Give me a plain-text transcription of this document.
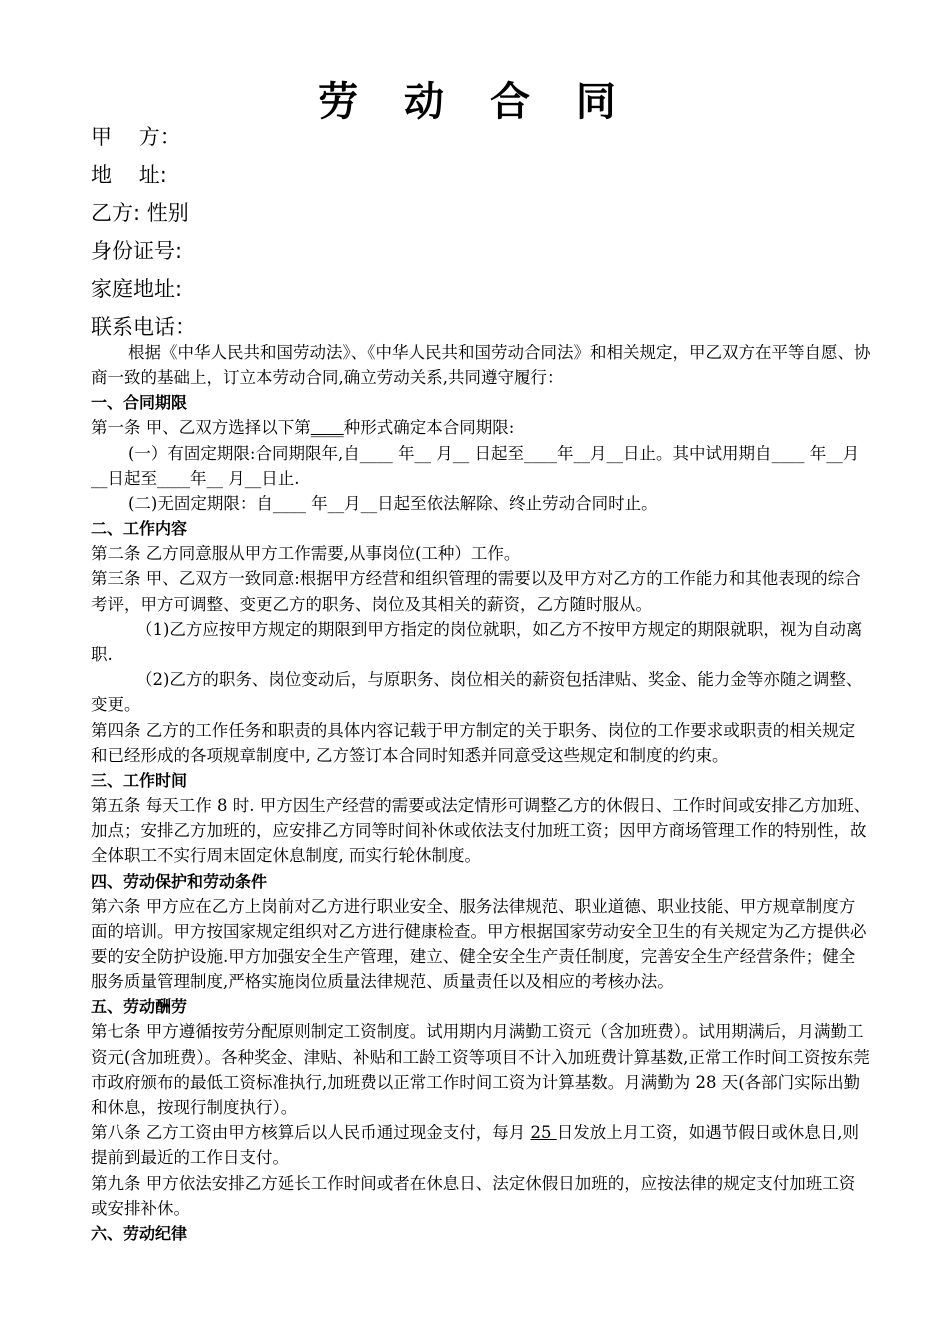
劳 动 合 同
甲    方：
地    址:
乙方: 性别
身份证号:
家庭地址:
联系电话：

根据《中华人民共和国劳动法》、《中华人民共和国劳动合同法》和相关规定，甲乙双方在平等自愿、协商一致的基础上，订立本劳动合同,确立劳动关系,共同遵守履行：

一、合同期限

第一条 甲、乙双方选择以下第____种形式确定本合同期限:

(一）有固定期限:合同期限年,自____ 年__ 月__ 日起至____年__月__日止。其中试用期自____ 年__月__日起至____年__ 月__日止.

(二)无固定期限：自____ 年__月__日起至依法解除、终止劳动合同时止。

二、工作内容

第二条 乙方同意服从甲方工作需要,从事岗位(工种）工作。

第三条 甲、乙双方一致同意:根据甲方经营和组织管理的需要以及甲方对乙方的工作能力和其他表现的综合考评，甲方可调整、变更乙方的职务、岗位及其相关的薪资，乙方随时服从。

（1)乙方应按甲方规定的期限到甲方指定的岗位就职，如乙方不按甲方规定的期限就职，视为自动离职.

（2)乙方的职务、岗位变动后，与原职务、岗位相关的薪资包括津贴、奖金、能力金等亦随之调整、变更。

第四条 乙方的工作任务和职责的具体内容记载于甲方制定的关于职务、岗位的工作要求或职责的相关规定和已经形成的各项规章制度中, 乙方签订本合同时知悉并同意受这些规定和制度的约束。

三、工作时间

第五条 每天工作 8 时. 甲方因生产经营的需要或法定情形可调整乙方的休假日、工作时间或安排乙方加班、加点；安排乙方加班的，应安排乙方同等时间补休或依法支付加班工资；因甲方商场管理工作的特别性，故全体职工不实行周末固定休息制度, 而实行轮休制度。

四、劳动保护和劳动条件

第六条 甲方应在乙方上岗前对乙方进行职业安全、服务法律规范、职业道德、职业技能、甲方规章制度方面的培训。甲方按国家规定组织对乙方进行健康检查。甲方根据国家劳动安全卫生的有关规定为乙方提供必要的安全防护设施.甲方加强安全生产管理，建立、健全安全生产责任制度，完善安全生产经营条件；健全服务质量管理制度,严格实施岗位质量法律规范、质量责任以及相应的考核办法。

五、劳动酬劳

第七条 甲方遵循按劳分配原则制定工资制度。试用期内月满勤工资元（含加班费）。试用期满后，月满勤工资元(含加班费）。各种奖金、津贴、补贴和工龄工资等项目不计入加班费计算基数,正常工作时间工资按东莞市政府颁布的最低工资标准执行,加班费以正常工作时间工资为计算基数。月满勤为 28 天(各部门实际出勤和休息，按现行制度执行）。

第八条 乙方工资由甲方核算后以人民币通过现金支付，每月 25 日发放上月工资，如遇节假日或休息日,则提前到最近的工作日支付。

第九条 甲方依法安排乙方延长工作时间或者在休息日、法定休假日加班的，应按法律的规定支付加班工资或安排补休。

六、劳动纪律
